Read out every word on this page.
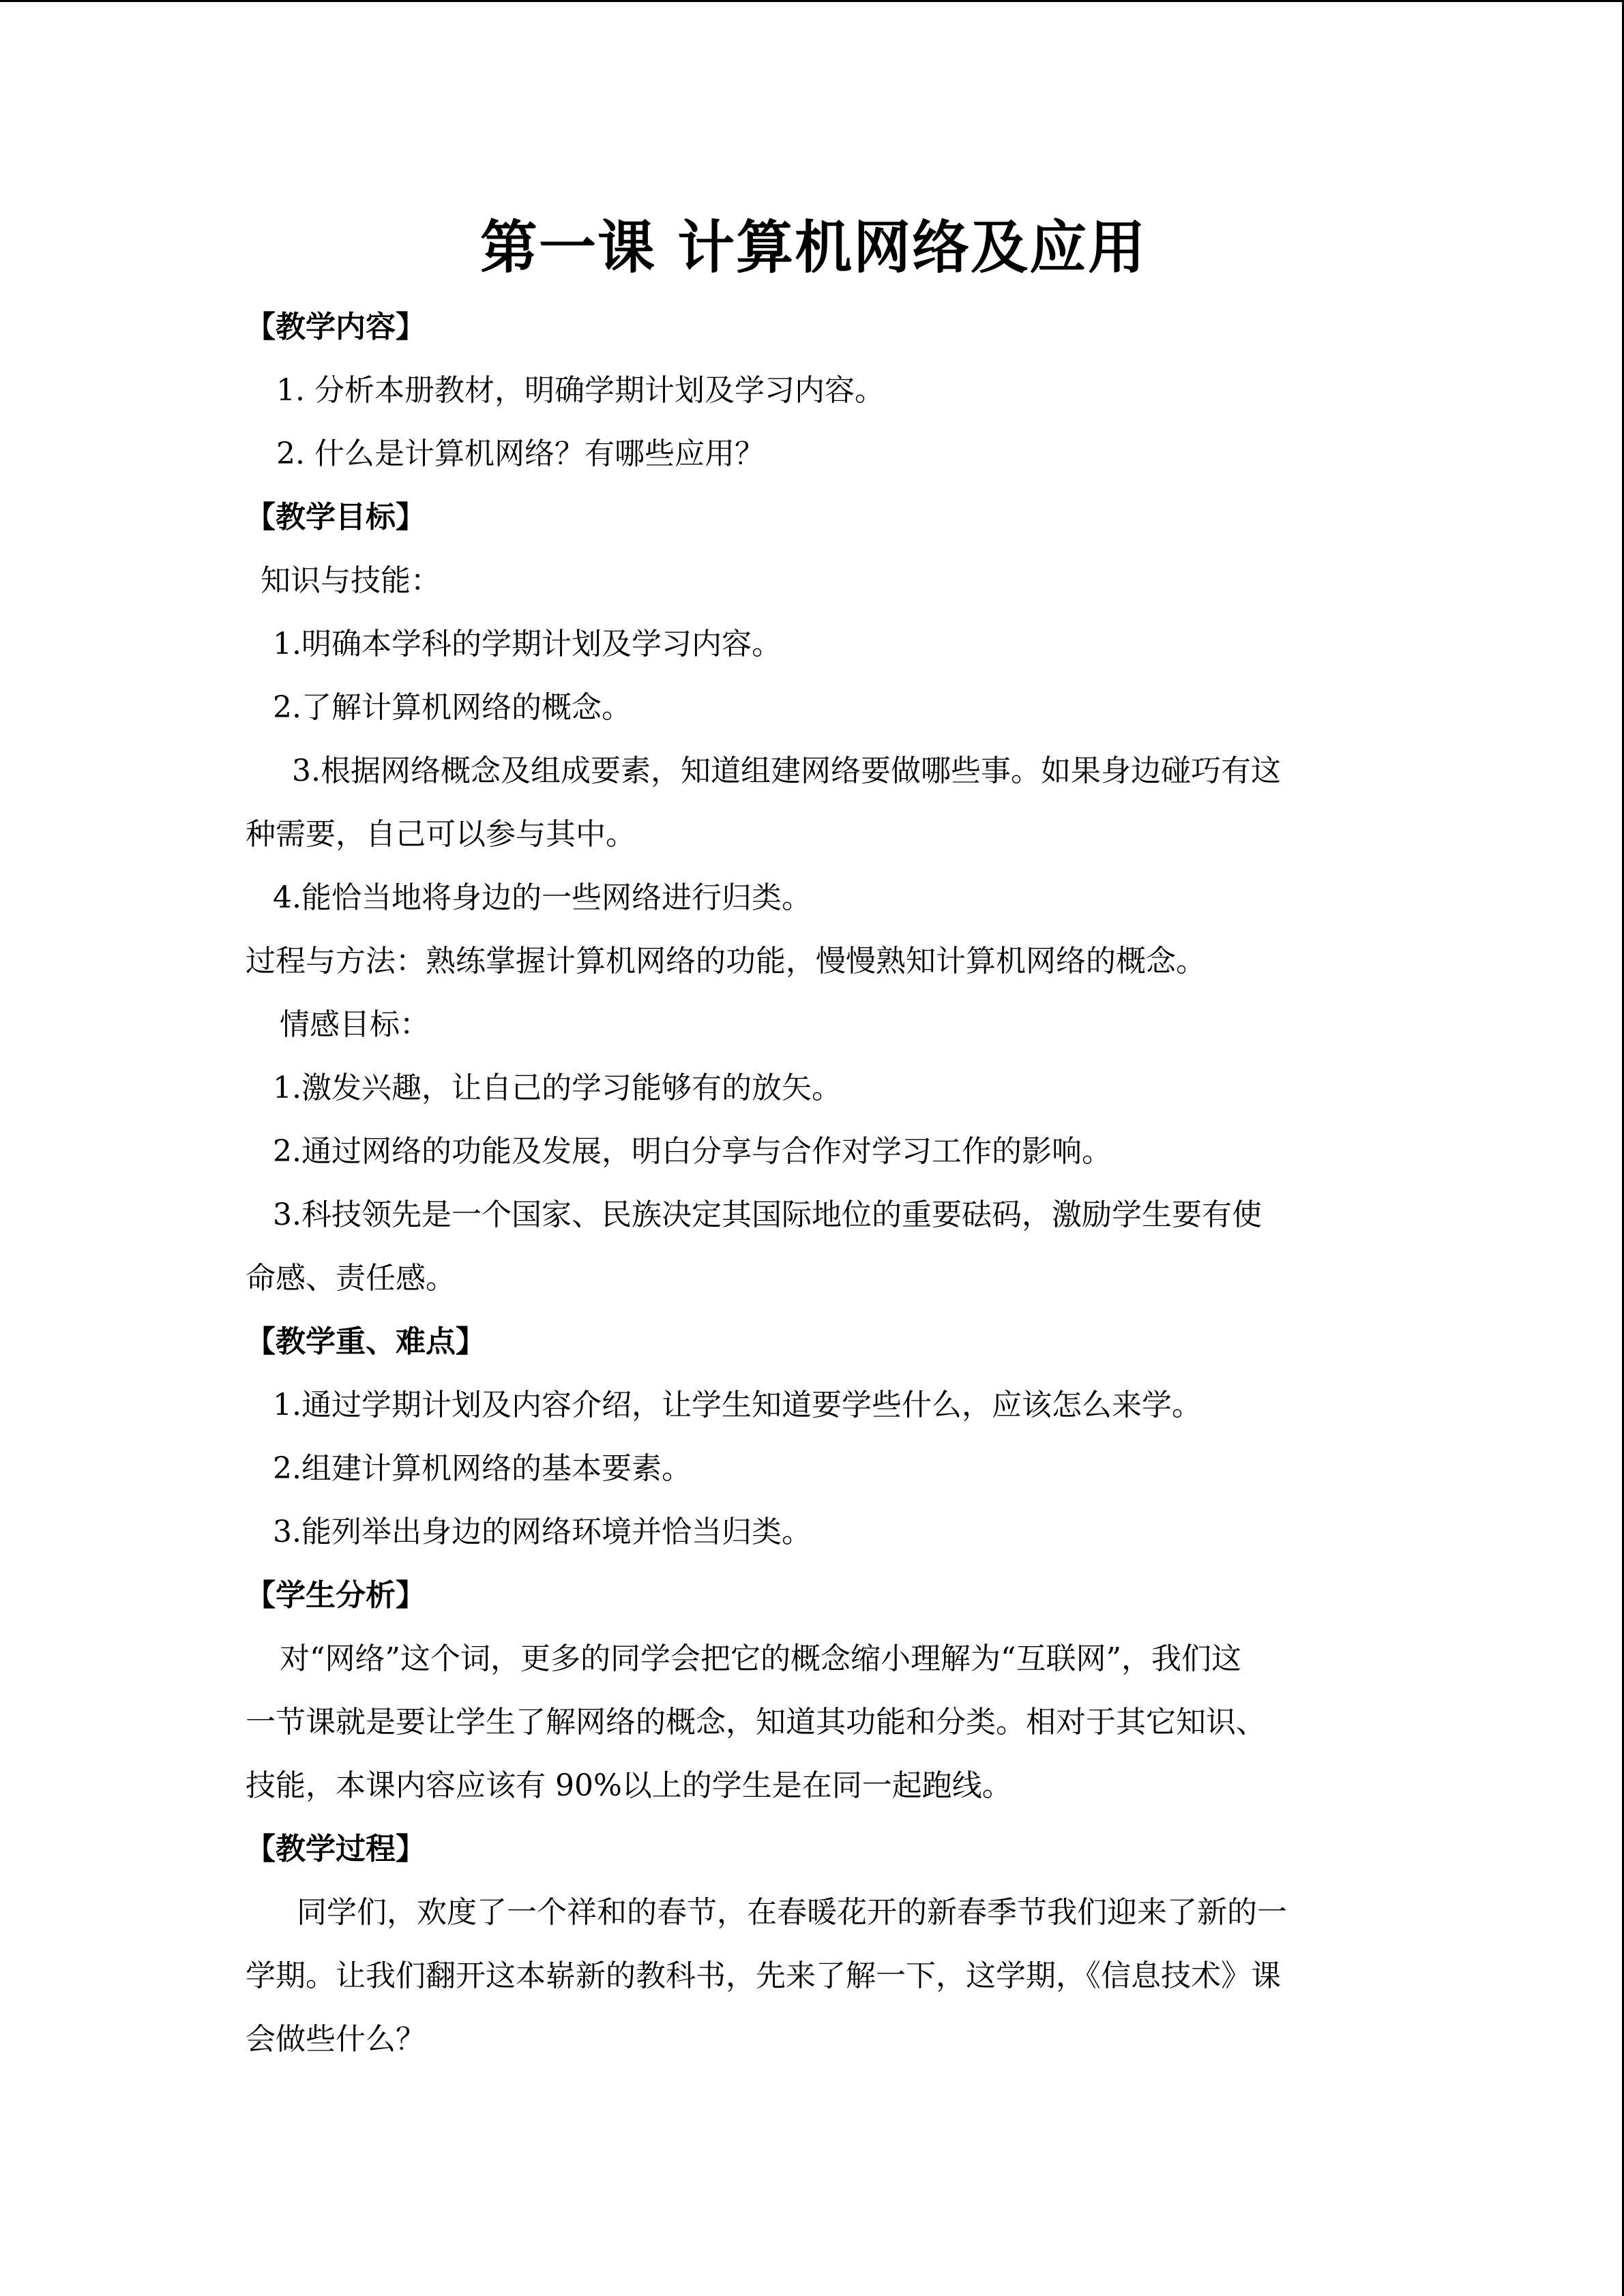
第一课 计算机网络及应用
【教学内容】
1. 分析本册教材，明确学期计划及学习内容。
2. 什么是计算机网络？有哪些应用？
【教学目标】
知识与技能：
1.明确本学科的学期计划及学习内容。
2.了解计算机网络的概念。
3.根据网络概念及组成要素，知道组建网络要做哪些事。如果身边碰巧有这
种需要，自己可以参与其中。
4.能恰当地将身边的一些网络进行归类。
过程与方法：熟练掌握计算机网络的功能，慢慢熟知计算机网络的概念。
情感目标：
1.激发兴趣，让自己的学习能够有的放矢。
2.通过网络的功能及发展，明白分享与合作对学习工作的影响。
3.科技领先是一个国家、民族决定其国际地位的重要砝码，激励学生要有使
命感、责任感。
【教学重、难点】
1.通过学期计划及内容介绍，让学生知道要学些什么，应该怎么来学。
2.组建计算机网络的基本要素。
3.能列举出身边的网络环境并恰当归类。
【学生分析】
对“网络”这个词，更多的同学会把它的概念缩小理解为“互联网”，我们这
一节课就是要让学生了解网络的概念，知道其功能和分类。相对于其它知识、
技能，本课内容应该有 90%以上的学生是在同一起跑线。
【教学过程】
同学们，欢度了一个祥和的春节，在春暖花开的新春季节我们迎来了新的一
学期。让我们翻开这本崭新的教科书，先来了解一下，这学期，《信息技术》课
会做些什么？
